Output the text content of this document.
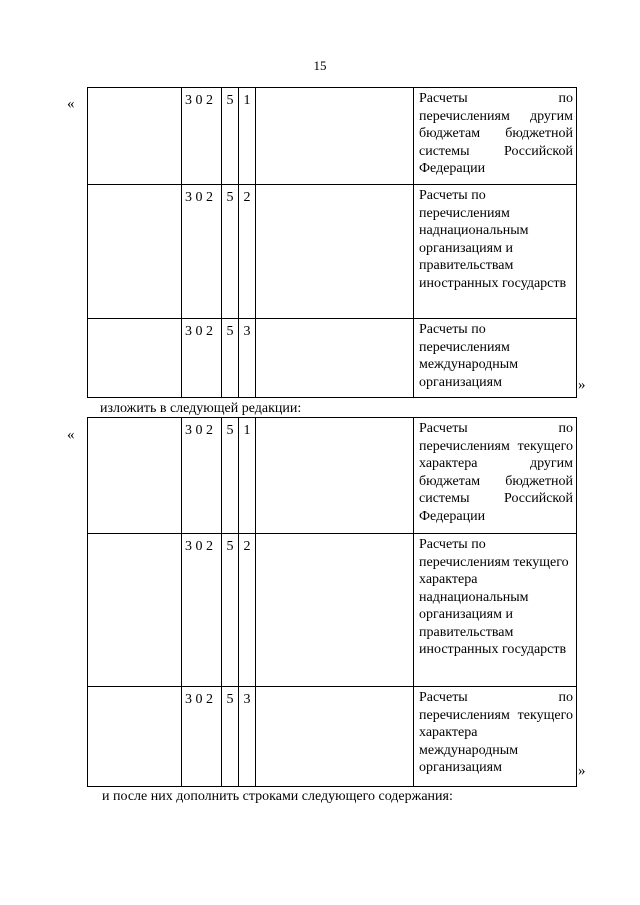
15
«
		3 0 2	5	1		Расчеты по перечислениям другим бюджетам бюджетной системы Российской Федерации
	3 0 2	5	2		Расчеты по перечислениям наднациональным организациям и правительствам иностранных государств
	3 0 2	5	3		Расчеты по перечислениям международным организациям	»
изложить в следующей редакции:
«
		3 0 2	5	1		Расчеты по перечислениям текущего характера другим бюджетам бюджетной системы Российской Федерации
	3 0 2	5	2		Расчеты по перечислениям текущего характера наднациональным организациям и правительствам иностранных государств
	3 0 2	5	3		Расчеты по перечислениям текущего характера международным организациям	»
и после них дополнить строками следующего содержания:
